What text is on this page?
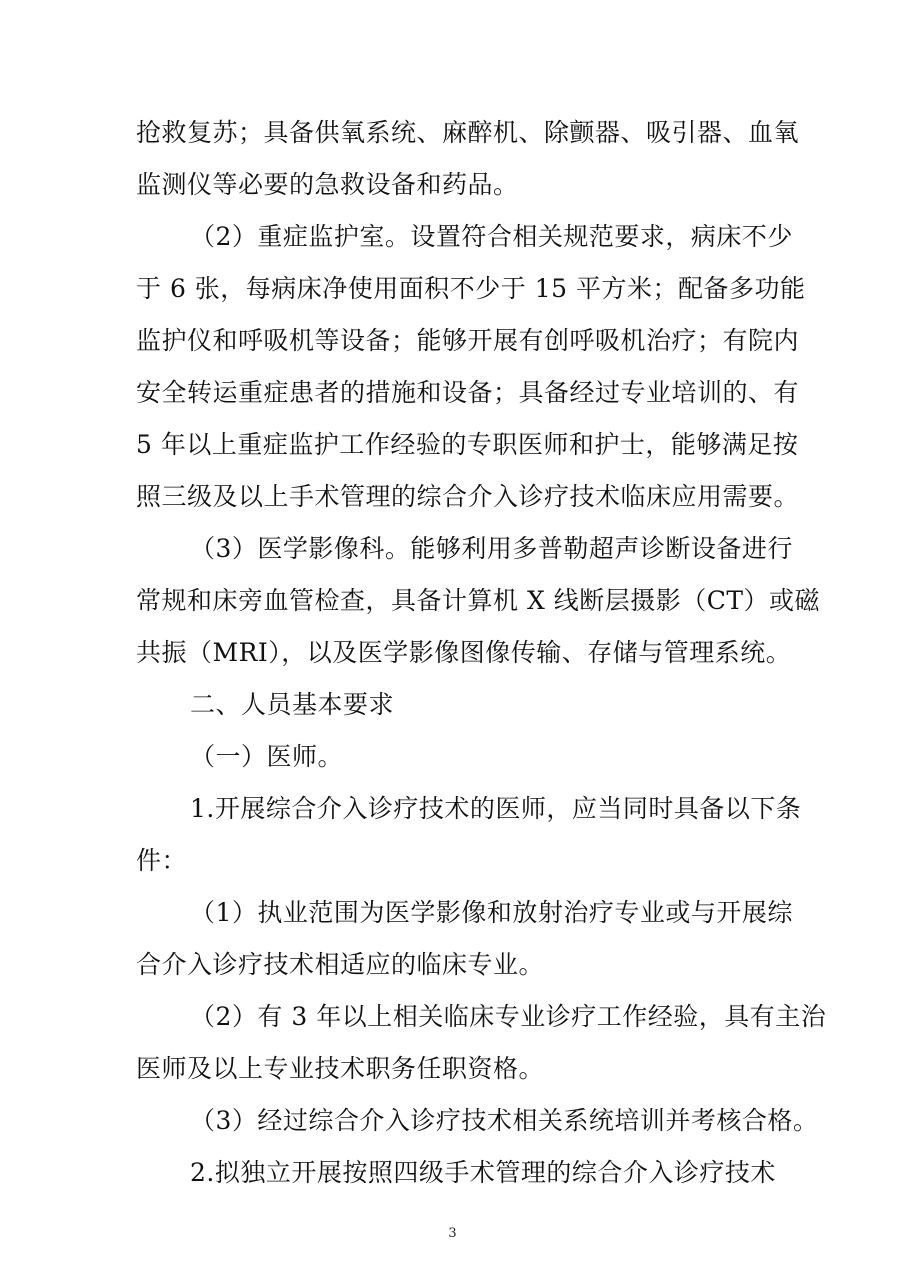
抢救复苏；具备供氧系统、麻醉机、除颤器、吸引器、血氧
监测仪等必要的急救设备和药品。
（2）重症监护室。设置符合相关规范要求，病床不少
于 6 张，每病床净使用面积不少于 15 平方米；配备多功能
监护仪和呼吸机等设备；能够开展有创呼吸机治疗；有院内
安全转运重症患者的措施和设备；具备经过专业培训的、有
5 年以上重症监护工作经验的专职医师和护士，能够满足按
照三级及以上手术管理的综合介入诊疗技术临床应用需要。
（3）医学影像科。能够利用多普勒超声诊断设备进行
常规和床旁血管检查，具备计算机 X 线断层摄影（CT）或磁
共振（MRI），以及医学影像图像传输、存储与管理系统。
二、人员基本要求
（一）医师。
1.开展综合介入诊疗技术的医师，应当同时具备以下条
件：
（1）执业范围为医学影像和放射治疗专业或与开展综
合介入诊疗技术相适应的临床专业。
（2）有 3 年以上相关临床专业诊疗工作经验，具有主治
医师及以上专业技术职务任职资格。
（3）经过综合介入诊疗技术相关系统培训并考核合格。
2.拟独立开展按照四级手术管理的综合介入诊疗技术
3
